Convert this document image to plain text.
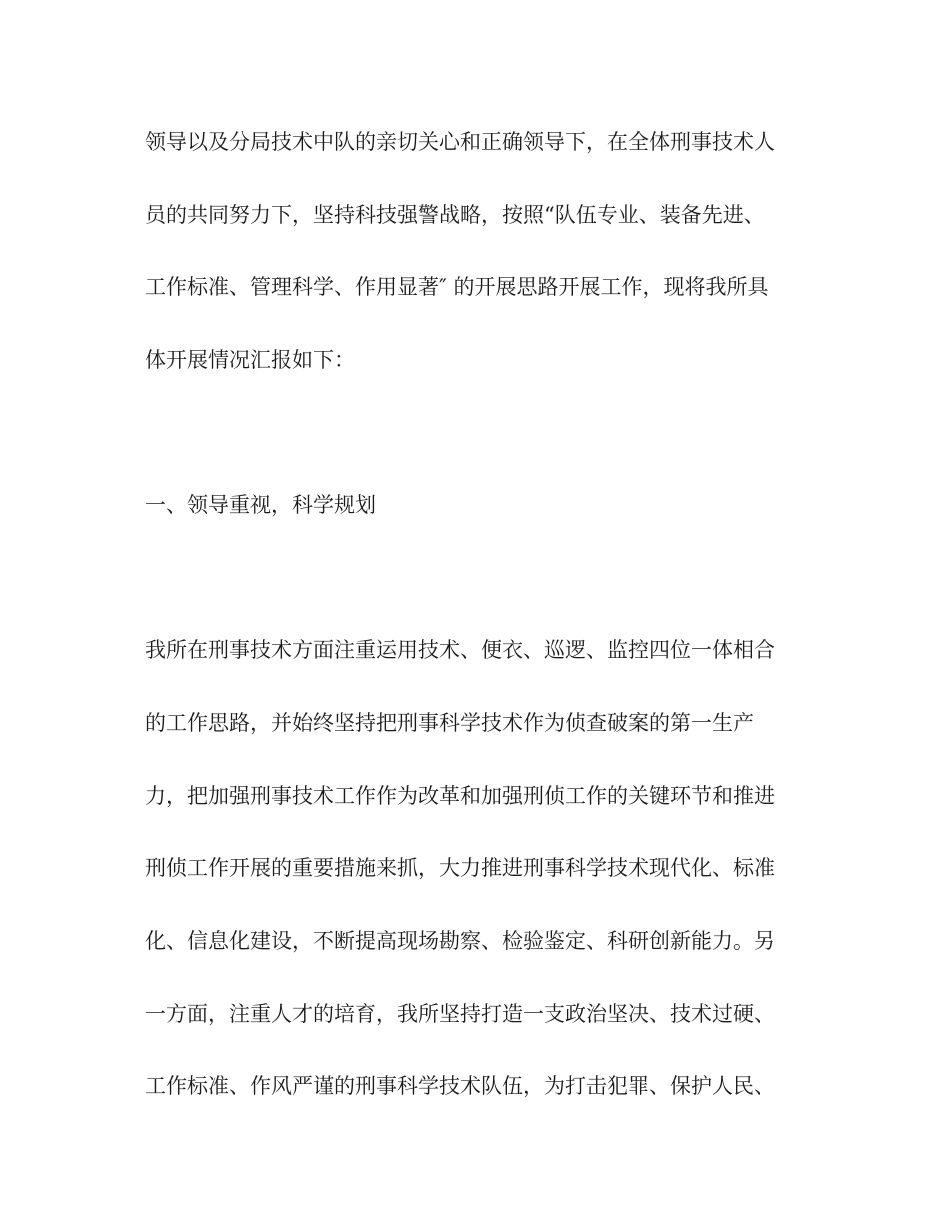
领导以及分局技术中队的亲切关心和正确领导下，在全体刑事技术人

员的共同努力下，坚持科技强警战略，按照“队伍专业、装备先进、

工作标准、管理科学、作用显著″ 的开展思路开展工作，现将我所具

体开展情况汇报如下：

一、领导重视，科学规划

我所在刑事技术方面注重运用技术、便衣、巡逻、监控四位一体相合

的工作思路，并始终坚持把刑事科学技术作为侦查破案的第一生产

力，把加强刑事技术工作作为改革和加强刑侦工作的关键环节和推进

刑侦工作开展的重要措施来抓，大力推进刑事科学技术现代化、标准

化、信息化建设，不断提高现场勘察、检验鉴定、科研创新能力。另

一方面，注重人才的培育，我所坚持打造一支政治坚决、技术过硬、

工作标准、作风严谨的刑事科学技术队伍，为打击犯罪、保护人民、
